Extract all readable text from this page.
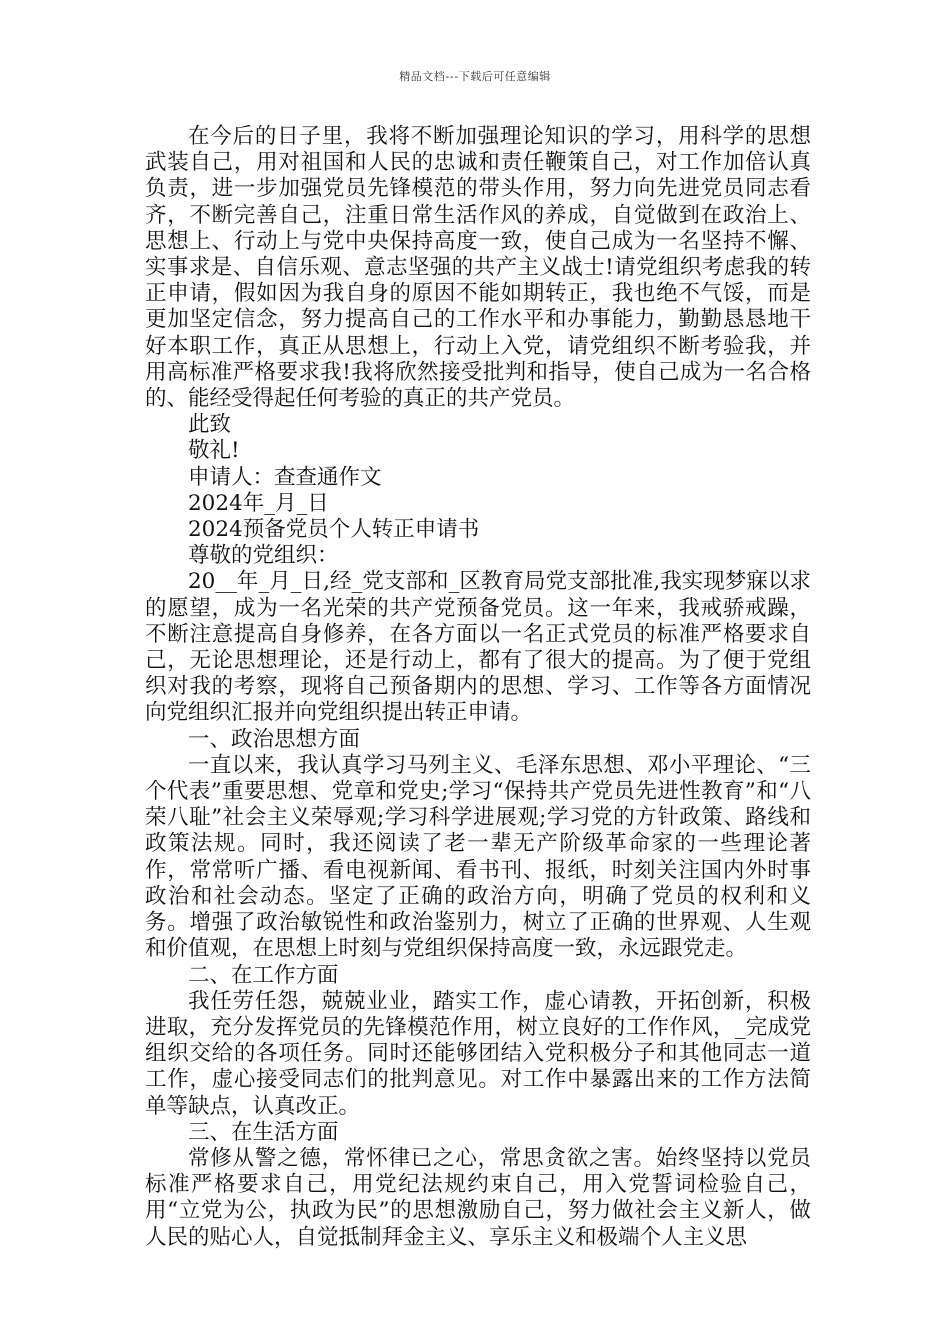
精品文档---下载后可任意编辑

在今后的日子里，我将不断加强理论知识的学习，用科学的思想武装自己，用对祖国和人民的忠诚和责任鞭策自己，对工作加倍认真负责，进一步加强党员先锋模范的带头作用，努力向先进党员同志看齐，不断完善自己，注重日常生活作风的养成，自觉做到在政治上、思想上、行动上与党中央保持高度一致，使自己成为一名坚持不懈、实事求是、自信乐观、意志坚强的共产主义战士!请党组织考虑我的转正申请，假如因为我自身的原因不能如期转正，我也绝不气馁，而是更加坚定信念，努力提高自己的工作水平和办事能力，勤勤恳恳地干好本职工作，真正从思想上，行动上入党，请党组织不断考验我，并用高标准严格要求我!我将欣然接受批判和指导，使自己成为一名合格的、能经受得起任何考验的真正的共产党员。

此致

敬礼!

申请人：查查通作文

2024年_月_日

2024预备党员个人转正申请书

尊敬的党组织：

20__年_月_日,经_党支部和_区教育局党支部批准,我实现梦寐以求的愿望，成为一名光荣的共产党预备党员。这一年来，我戒骄戒躁，不断注意提高自身修养，在各方面以一名正式党员的标准严格要求自己，无论思想理论，还是行动上，都有了很大的提高。为了便于党组织对我的考察，现将自己预备期内的思想、学习、工作等各方面情况向党组织汇报并向党组织提出转正申请。

一、政治思想方面

一直以来，我认真学习马列主义、毛泽东思想、邓小平理论、“三个代表”重要思想、党章和党史;学习“保持共产党员先进性教育”和“八荣八耻”社会主义荣辱观;学习科学进展观;学习党的方针政策、路线和政策法规。同时，我还阅读了老一辈无产阶级革命家的一些理论著作，常常听广播、看电视新闻、看书刊、报纸，时刻关注国内外时事政治和社会动态。坚定了正确的政治方向，明确了党员的权利和义务。增强了政治敏锐性和政治鉴别力，树立了正确的世界观、人生观和价值观，在思想上时刻与党组织保持高度一致，永远跟党走。

二、在工作方面

我任劳任怨，兢兢业业，踏实工作，虚心请教，开拓创新，积极进取，充分发挥党员的先锋模范作用，树立良好的工作作风，_完成党组织交给的各项任务。同时还能够团结入党积极分子和其他同志一道工作，虚心接受同志们的批判意见。对工作中暴露出来的工作方法简单等缺点，认真改正。

三、在生活方面

常修从警之德，常怀律已之心，常思贪欲之害。始终坚持以党员标准严格要求自己，用党纪法规约束自己，用入党誓词检验自己，用“立党为公，执政为民”的思想激励自己，努力做社会主义新人，做人民的贴心人，自觉抵制拜金主义、享乐主义和极端个人主义思
